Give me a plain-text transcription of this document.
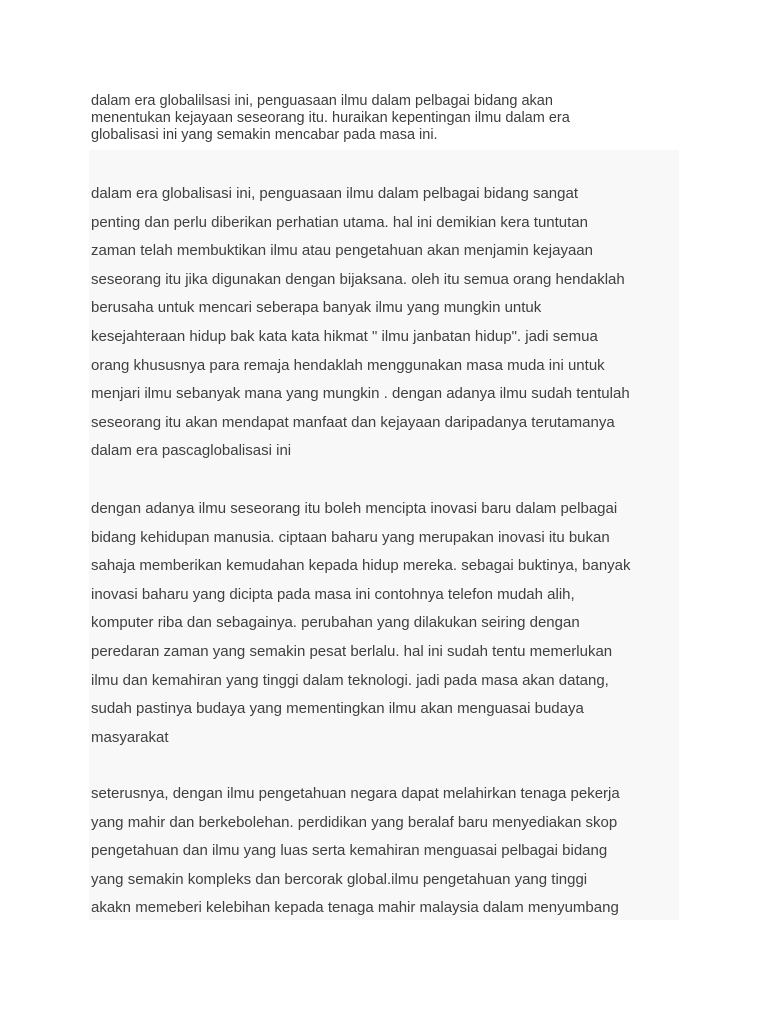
dalam era globalilsasi ini, penguasaan ilmu dalam pelbagai bidang akan
menentukan kejayaan seseorang itu. huraikan kepentingan ilmu dalam era
globalisasi ini yang semakin mencabar pada masa ini.
dalam era globalisasi ini, penguasaan ilmu dalam pelbagai bidang sangat
penting dan perlu diberikan perhatian utama. hal ini demikian kera tuntutan
zaman telah membuktikan ilmu atau pengetahuan akan menjamin kejayaan
seseorang itu jika digunakan dengan bijaksana. oleh itu semua orang hendaklah
berusaha untuk mencari seberapa banyak ilmu yang mungkin untuk
kesejahteraan hidup bak kata kata hikmat " ilmu janbatan hidup". jadi semua
orang khususnya para remaja hendaklah menggunakan masa muda ini untuk
menjari ilmu sebanyak mana yang mungkin . dengan adanya ilmu sudah tentulah
seseorang itu akan mendapat manfaat dan kejayaan daripadanya terutamanya
dalam era pascaglobalisasi ini
dengan adanya ilmu seseorang itu boleh mencipta inovasi baru dalam pelbagai
bidang kehidupan manusia. ciptaan baharu yang merupakan inovasi itu bukan
sahaja memberikan kemudahan kepada hidup mereka. sebagai buktinya, banyak
inovasi baharu yang dicipta pada masa ini contohnya telefon mudah alih,
komputer riba dan sebagainya. perubahan yang dilakukan seiring dengan
peredaran zaman yang semakin pesat berlalu. hal ini sudah tentu memerlukan
ilmu dan kemahiran yang tinggi dalam teknologi. jadi pada masa akan datang,
sudah pastinya budaya yang mementingkan ilmu akan menguasai budaya
masyarakat
seterusnya, dengan ilmu pengetahuan negara dapat melahirkan tenaga pekerja
yang mahir dan berkebolehan. perdidikan yang beralaf baru menyediakan skop
pengetahuan dan ilmu yang luas serta kemahiran menguasai pelbagai bidang
yang semakin kompleks dan bercorak global.ilmu pengetahuan yang tinggi
akakn memeberi kelebihan kepada tenaga mahir malaysia dalam menyumbang
